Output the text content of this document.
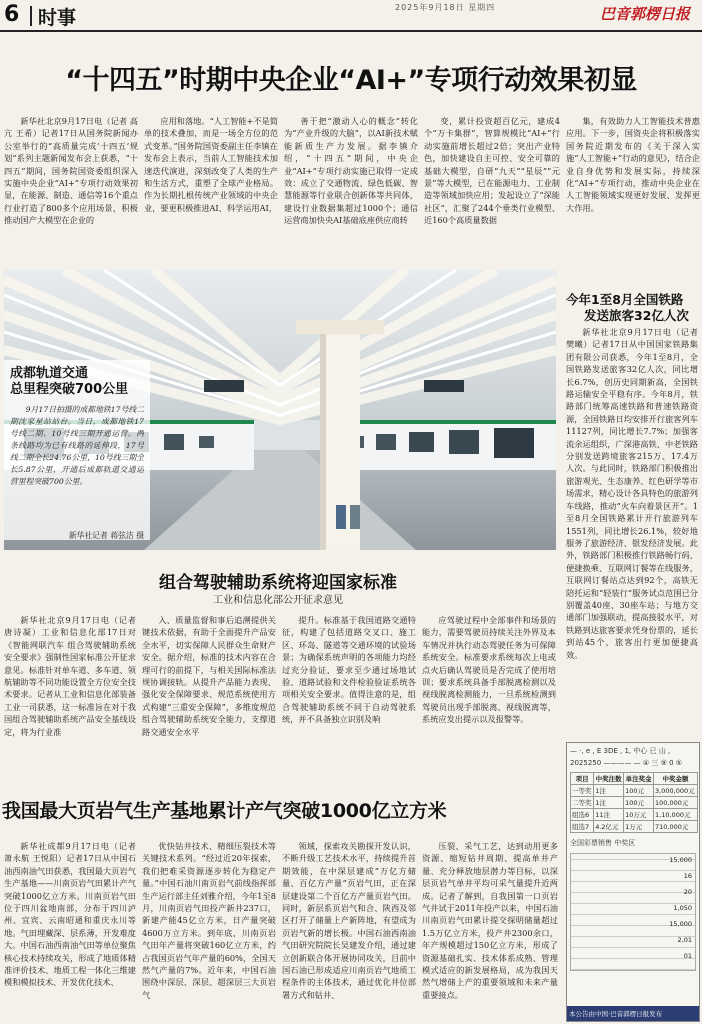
6 时事	2025年9月18日 星期四	巴音郭楞日报
“十四五”时期中央企业“AI+”专项行动效果初显
新华社北京9月17日电（记者 高亢 王希）记者17日从国务院新闻办公室举行的“高质量完成‘十四五’规划”系列主题新闻发布会上获悉，“十四五”期间，国务院国资委组织深入实施中央企业“AI+”专项行动效果初显，在能源、制造、通信等16个重点行业打造了800多个应用场景，积极推动国产大模型在企业的
应用和落地。“人工智能+不是简单的技术叠加，而是一场全方位的范式变革。”国务院国资委副主任李镇在发布会上表示，当前人工智能技术加速迭代演进，深刻改变了人类的生产和生活方式，重塑了全球产业格局。作为长期扎根传统产业领域的中央企业，要更积极推进AI、科学运用AI，
善于把“激动人心的概念”转化为“产业升级的大脑”，以AI新技术赋能新质生产力发展。据李镇介绍，“十四五”期间，中央企业“AI+”专项行动实施已取得一定成效：成立了交通物流、绿色低碳、智慧能源等行业联合创新体等共同体，建设行业数据集超过1000个；通信运营商加快央AI基础底座供应商转
变，累计投资超百亿元，建成4个“万卡集群”，智算规模比“AI+”行动实施前增长超过2倍；突出产业特色，加快建设自主可控、安全可靠的基础大模型，自研“九天”“星辰”“元景”等大模型，已在能源电力、工业制造等领域加快应用；发起设立了“深能社区”，汇聚了244个垂类行业模型、近160个高质量数据
集，有效助力人工智能技术普惠应用。下一步，国资央企将积极落实国务院近期发布的《关于深入实施“人工智能+”行动的意见》，结合企业自身优势和发展实际，持续深化“AI+”专项行动，推动中央企业在人工智能领域实现更好发展、发挥更大作用。
成都轨道交通
总里程突破700公里
9月17日拍摄的成都地铁17号线二期沈家星站站台。当日，成都地铁17号线二期、10号线三期开通运营。两条线路均为已有线路的延伸段，17号线二期全长24.76公里，10号线三期全长5.87公里，开通后成都轨道交通运营里程突破700公里。
新华社记者 蒋弦洁 摄
今年1至8月全国铁路
发送旅客32亿人次
新华社北京9月17日电（记者 樊曦）记者17日从中国国家铁路集团有限公司获悉，今年1至8月，全国铁路发送旅客32亿人次，同比增长6.7%，创历史同期新高，全国铁路运输安全平稳有序。今年8月，铁路部门统筹高速铁路和普速铁路资源，全国铁路日均安排开行旅客列车11127列，同比增长7.7%；加强客流余运组织，广深港高铁、中老铁路分别发送跨境旅客215万、17.4万人次。与此同时，铁路部门积极推出旅游观光、生态康养、红色研学等市场需求，精心设计各具特色的旅游列车线路，推动“火车向着景区开”。1至8月全国铁路累计开行旅游列车1551列，同比增长26.1%，较好地服务了旅游经济、银发经济发展。此外，铁路部门积极推行铁路畅行码、便捷换乘、互联网订餐等在线服务，互联网订餐站点达到92个，高铁无陪托运和“轻装行”服务试点范围已分别覆盖40座、30座车站；与地方交通部门加强联动，提高接驳水平，对铁路到达旅客要求凭身份票的，延长到站45个，旅客出行更加便捷高效。
组合驾驶辅助系统将迎国家标准
工业和信息化部公开征求意见
新华社北京9月17日电（记者 唐诗凝）工业和信息化部17日对《智能网联汽车 组合驾驶辅助系统安全要求》强制性国家标准公开征求意见。标准针对单车道、多车道、领航辅助等不同功能设置全方位安全技术要求。记者从工业和信息化部装备工业一司获悉，这一标准旨在对于我国组合驾驶辅助系统产品安全基线设定，将为行业准
入、质量监督和事后追溯提供关键技术依据，有助于全面提升产品安全水平，切实保障人民群众生命财产安全。据介绍，标准的技术内容在合理可行的前提下，与相关国际标准法规协调接轨。从提升产品能力表现、强化安全保障要求、规范系统使用方式构建“三重安全保障”，多维度规范组合驾驶辅助系统安全能力，支撑道路交通安全水平
提升。标准基于我国道路交通特征，构建了包括道路交叉口、施工区、环岛、隧道等交通环境的试验场景；为确保系统声明的各项能力均经过充分验证，要求至少通过场地试验、道路试验和文件检验验证系统各项相关安全要求。值得注意的是，组合驾驶辅助系统不同于自动驾驶系统，并不具备独立识别及响
应驾驶过程中全部事件和场景的能力，需要驾驶员持续关注外界及本车情况并执行动态驾驶任务为可保障系统安全。标准要求系统每次上电或点火后确认驾驶员是否完成了使用培训；要求系统具备手部脱离检测以及视线脱离检测能力，一旦系统检测到驾驶员出现手部脱离、视线脱离等，系统应发出提示以及报警等。
— ·, e , E 3DE , 1, 中心 已 山 ,
2025250 ———— — ④ 三 ⑨ 0 ⑤
项目	中奖注数	单注奖金	中奖金额
一等奖	1注	100元	3,000,000元
二等奖	1注	100元	100,000元
组选6	11注	10万元	1,10,000元
组选7	4.2亿元	1万元	710,000元
全国彩票销售 中奖区
15,000
16
20
1,050
15,000
2,01
01
本公告由中国·巴音郭楞日报发布
我国最大页岩气生产基地累计产气突破1000亿立方米
新华社成都9月17日电（记者 萧永航 王悦阳）记者17日从中国石油西南油气田获悉，我国最大页岩气生产基地——川南页岩气田累计产气突破1000亿立方米。川南页岩气田位于四川盆地南部，分布于四川泸州、宜宾、云南昭通和重庆永川等地。气田埋藏深、层系薄，开发难度大。中国石油西南油气田等单位聚焦核心技术持续攻关，形成了地质体精准评价技术、地质工程一体化三维建模和模拟技术、开发优化技术、
优快钻井技术、精细压裂技术等关键技术系列。“经过近20年探索，我们把难采资源逐步转化为稳定产量。”中国石油川南页岩气前线指挥部生产运行部主任刘雅介绍，今年1至8月，川南页岩气田投产新井237口，新建产能45亿立方米，日产量突破4600万立方米。到年底，川南页岩气田年产量将突破160亿立方米，约占我国页岩气年产量的60%，全国天然气产量的7%。近年来，中国石油围绕中深层、深层、超深层三大页岩气
领域，探索攻关勘探开发认识，不断升级工艺技术水平，持续提升首期效能，在中深层建成“万亿方储量、百亿方产量”页岩气田，正在深层建设第二个百亿方产量页岩气田。同时，新层系页岩气和合、陕西及邻区打开了储量上产新阵地，有望成为页岩气新的增长极。中国石油西南油气田研究院院长吴建发介绍，通过建立创新联合体开展协同攻关，目前中国石油已形成适应川南页岩气地质工程条件的主体技术，通过优化井位部署方式和钻井、
压裂、采气工艺，达到动用更多资源、缩短钻井周期、提高单井产量、充分释放地层潜力等目标，以深层页岩气单井平均可采气量提升近两成。记者了解到，自我国第一口页岩气井试于2011年投产以来，中国石油川南页岩气田累计提交探明储量超过1.5万亿立方米，投产井2300余口，年产规模超过150亿立方米，形成了资源基础扎实、技术体系成熟、管理模式适应的新发展格局，成为我国天然气增储上产的重要领域和未来产量重要接点。
